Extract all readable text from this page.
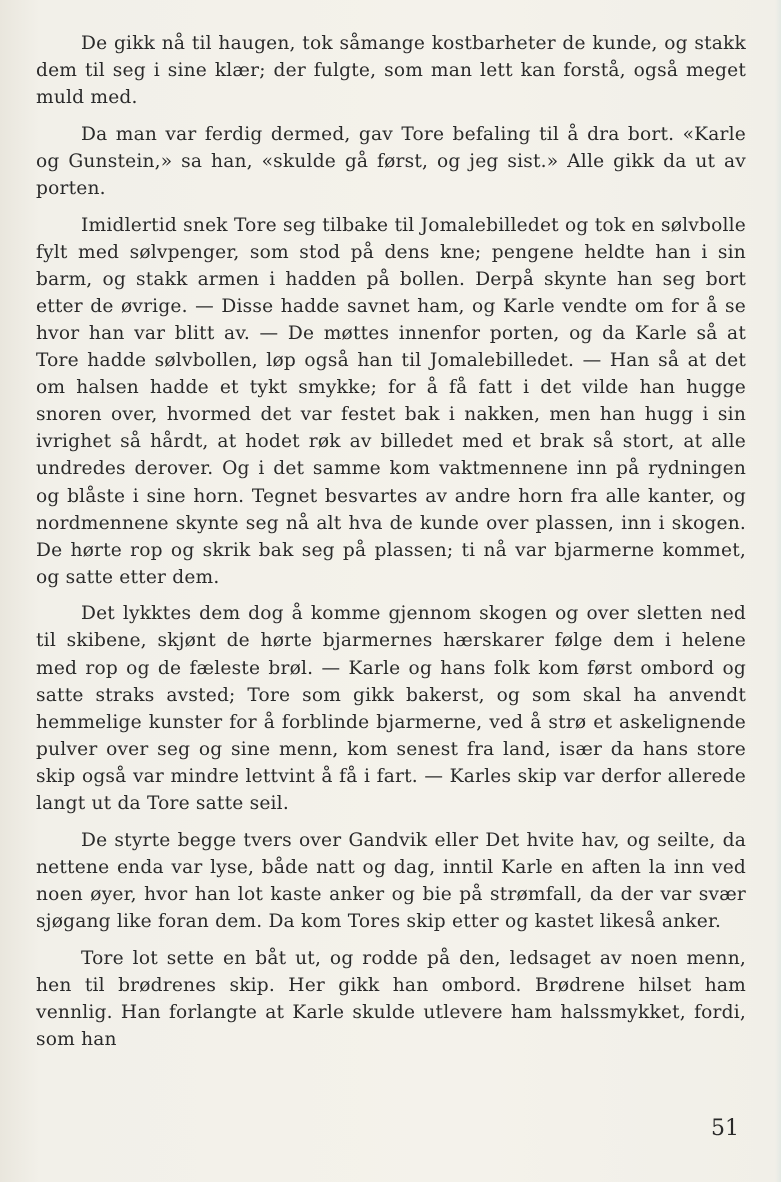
De gikk nå til haugen, tok såmange kostbarheter de kunde, og stakk dem til seg i sine klær; der fulgte, som man lett kan forstå, også meget muld med.

Da man var ferdig dermed, gav Tore befaling til å dra bort. «Karle og Gunstein,» sa han, «skulde gå først, og jeg sist.» Alle gikk da ut av porten.

Imidlertid snek Tore seg tilbake til Jomalebilledet og tok en sølvbolle fylt med sølvpenger, som stod på dens kne; pengene heldte han i sin barm, og stakk armen i hadden på bollen. Derpå skynte han seg bort etter de øvrige. — Disse hadde savnet ham, og Karle vendte om for å se hvor han var blitt av. — De møttes innenfor porten, og da Karle så at Tore hadde sølvbollen, løp også han til Jomalebilledet. — Han så at det om halsen hadde et tykt smykke; for å få fatt i det vilde han hugge snoren over, hvormed det var festet bak i nakken, men han hugg i sin ivrighet så hårdt, at hodet røk av billedet med et brak så stort, at alle undredes derover. Og i det samme kom vaktmennene inn på rydningen og blåste i sine horn. Tegnet besvartes av andre horn fra alle kanter, og nordmennene skynte seg nå alt hva de kunde over plassen, inn i skogen. De hørte rop og skrik bak seg på plassen; ti nå var bjarmerne kommet, og satte etter dem.

Det lykktes dem dog å komme gjennom skogen og over sletten ned til skibene, skjønt de hørte bjarmernes hærskarer følge dem i helene med rop og de fæleste brøl. — Karle og hans folk kom først ombord og satte straks avsted; Tore som gikk bakerst, og som skal ha anvendt hemmelige kunster for å forblinde bjarmerne, ved å strø et askelignende pulver over seg og sine menn, kom senest fra land, især da hans store skip også var mindre lettvint å få i fart. — Karles skip var derfor allerede langt ut da Tore satte seil.

De styrte begge tvers over Gandvik eller Det hvite hav, og seilte, da nettene enda var lyse, både natt og dag, inntil Karle en aften la inn ved noen øyer, hvor han lot kaste anker og bie på strømfall, da der var svær sjøgang like foran dem. Da kom Tores skip etter og kastet likeså anker.

Tore lot sette en båt ut, og rodde på den, ledsaget av noen menn, hen til brødrenes skip. Her gikk han ombord. Brødrene hilset ham vennlig. Han forlangte at Karle skulde utlevere ham halssmykket, fordi, som han

51
